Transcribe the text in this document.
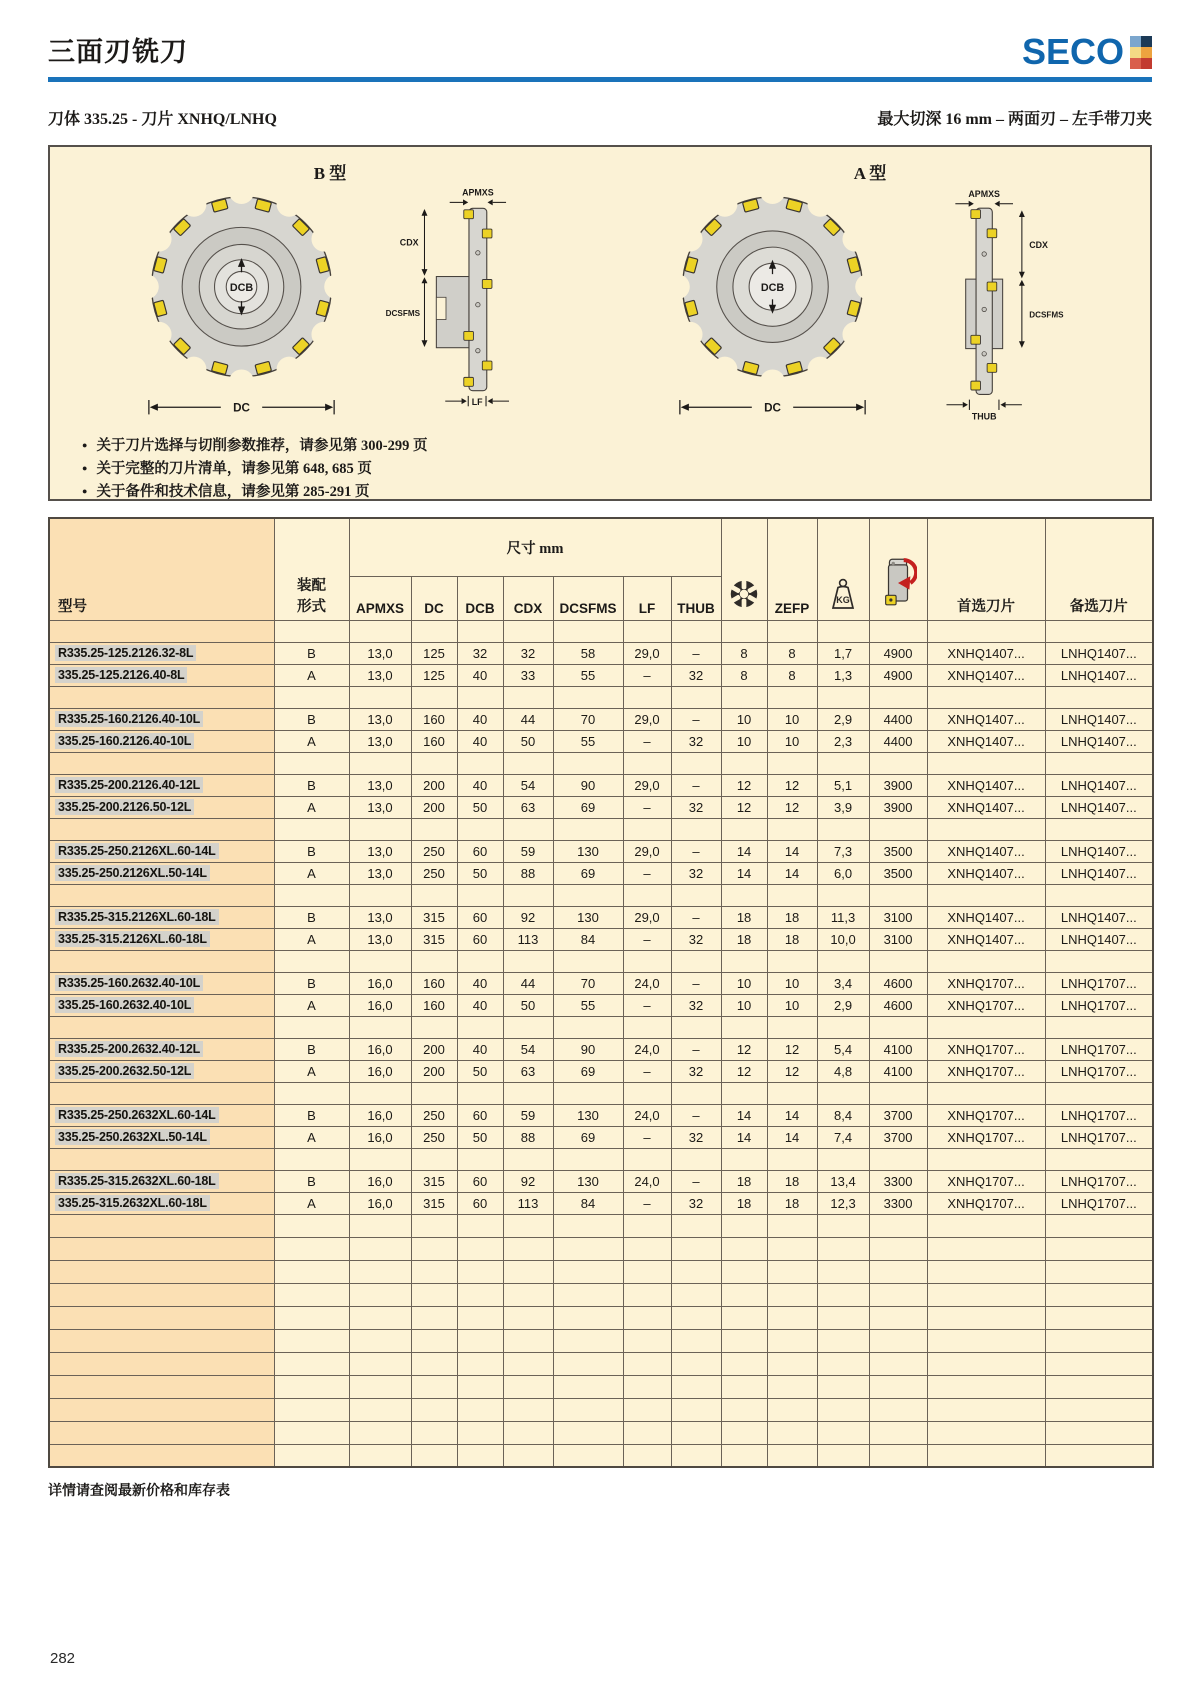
三面刃铣刀	SECO
刀体 335.25 - 刀片 XNHQ/LNHQ	最大切深 16 mm – 两面刃 – 左手带刀夹
B 型
DCB
DC
APMXS
CDX
DCSFMS
LF
A 型
DCB
DC
APMXS
CDX
DCSFMS
THUB
● 关于刀片选择与切削参数推荐，请参见第 300-299 页
● 关于完整的刀片清单，请参见第 648, 685 页
● 关于备件和技术信息，请参见第 285-291 页
型号	装配
形式	尺寸 mm								ZEFP	KG		首选刀片	备选刀片
		APMXS	DC	DCB	CDX	DCSFMS	LF	THUB						

R335.25-125.2126.32-8L	B	13,0	125	32	32	58	29,0	–	8	8	1,7	4900	XNHQ1407...	LNHQ1407...
335.25-125.2126.40-8L	A	13,0	125	40	33	55	–	32	8	8	1,3	4900	XNHQ1407...	LNHQ1407...

R335.25-160.2126.40-10L	B	13,0	160	40	44	70	29,0	–	10	10	2,9	4400	XNHQ1407...	LNHQ1407...
335.25-160.2126.40-10L	A	13,0	160	40	50	55	–	32	10	10	2,3	4400	XNHQ1407...	LNHQ1407...

R335.25-200.2126.40-12L	B	13,0	200	40	54	90	29,0	–	12	12	5,1	3900	XNHQ1407...	LNHQ1407...
335.25-200.2126.50-12L	A	13,0	200	50	63	69	–	32	12	12	3,9	3900	XNHQ1407...	LNHQ1407...

R335.25-250.2126XL.60-14L	B	13,0	250	60	59	130	29,0	–	14	14	7,3	3500	XNHQ1407...	LNHQ1407...
335.25-250.2126XL.50-14L	A	13,0	250	50	88	69	–	32	14	14	6,0	3500	XNHQ1407...	LNHQ1407...

R335.25-315.2126XL.60-18L	B	13,0	315	60	92	130	29,0	–	18	18	11,3	3100	XNHQ1407...	LNHQ1407...
335.25-315.2126XL.60-18L	A	13,0	315	60	113	84	–	32	18	18	10,0	3100	XNHQ1407...	LNHQ1407...

R335.25-160.2632.40-10L	B	16,0	160	40	44	70	24,0	–	10	10	3,4	4600	XNHQ1707...	LNHQ1707...
335.25-160.2632.40-10L	A	16,0	160	40	50	55	–	32	10	10	2,9	4600	XNHQ1707...	LNHQ1707...

R335.25-200.2632.40-12L	B	16,0	200	40	54	90	24,0	–	12	12	5,4	4100	XNHQ1707...	LNHQ1707...
335.25-200.2632.50-12L	A	16,0	200	50	63	69	–	32	12	12	4,8	4100	XNHQ1707...	LNHQ1707...

R335.25-250.2632XL.60-14L	B	16,0	250	60	59	130	24,0	–	14	14	8,4	3700	XNHQ1707...	LNHQ1707...
335.25-250.2632XL.50-14L	A	16,0	250	50	88	69	–	32	14	14	7,4	3700	XNHQ1707...	LNHQ1707...

R335.25-315.2632XL.60-18L	B	16,0	315	60	92	130	24,0	–	18	18	13,4	3300	XNHQ1707...	LNHQ1707...
335.25-315.2632XL.60-18L	A	16,0	315	60	113	84	–	32	18	18	12,3	3300	XNHQ1707...	LNHQ1707...

详情请查阅最新价格和库存表
282
